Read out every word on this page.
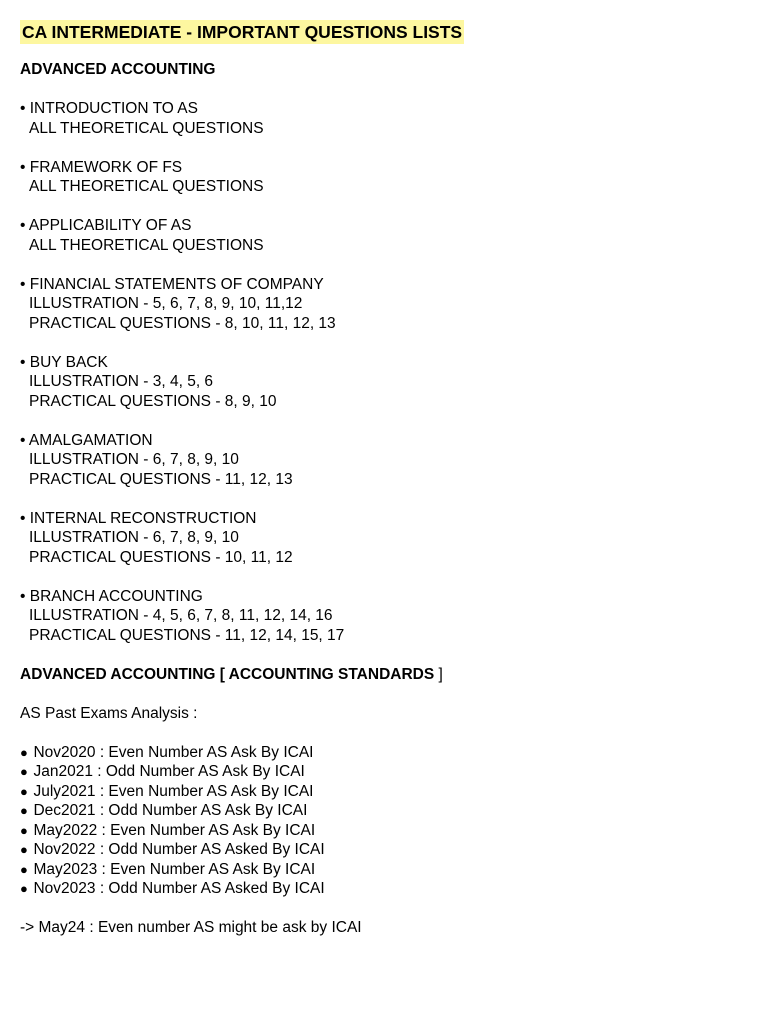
CA INTERMEDIATE - IMPORTANT QUESTIONS LISTS
ADVANCED ACCOUNTING
• INTRODUCTION TO AS
ALL THEORETICAL QUESTIONS
• FRAMEWORK OF FS
ALL THEORETICAL QUESTIONS
• APPLICABILITY OF AS
ALL THEORETICAL QUESTIONS
• FINANCIAL STATEMENTS OF COMPANY
ILLUSTRATION - 5, 6, 7, 8, 9, 10, 11,12
PRACTICAL QUESTIONS - 8, 10, 11, 12, 13
• BUY BACK
ILLUSTRATION - 3, 4, 5, 6
PRACTICAL QUESTIONS - 8, 9, 10
• AMALGAMATION
ILLUSTRATION - 6, 7, 8, 9, 10
PRACTICAL QUESTIONS - 11, 12, 13
• INTERNAL RECONSTRUCTION
ILLUSTRATION - 6, 7, 8, 9, 10
PRACTICAL QUESTIONS - 10, 11, 12
• BRANCH ACCOUNTING
ILLUSTRATION - 4, 5, 6, 7, 8, 11, 12, 14, 16
PRACTICAL QUESTIONS - 11, 12, 14, 15, 17
ADVANCED ACCOUNTING [ ACCOUNTING STANDARDS ]
AS Past Exams Analysis :
● Nov2020 : Even Number AS Ask By ICAI
● Jan2021 : Odd Number AS Ask By ICAI
● July2021 : Even Number AS Ask By ICAI
● Dec2021 : Odd Number AS Ask By ICAI
● May2022 : Even Number AS Ask By ICAI
● Nov2022 : Odd Number AS Asked By ICAI
● May2023 : Even Number AS Ask By ICAI
● Nov2023 : Odd Number AS Asked By ICAI
-> May24 : Even number AS might be ask by ICAI
